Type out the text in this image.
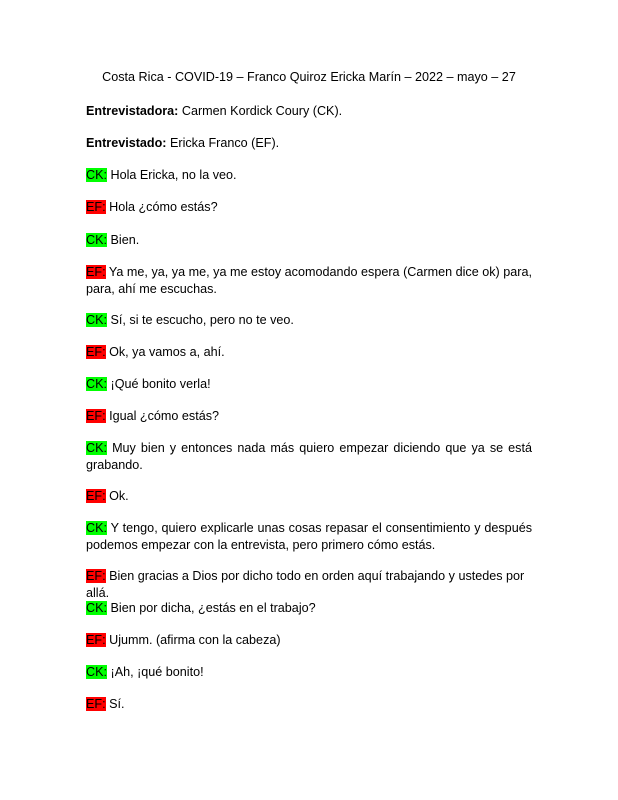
Costa Rica - COVID-19 – Franco Quiroz Ericka Marín – 2022 – mayo – 27
Entrevistadora: Carmen Kordick Coury (CK).
Entrevistado: Ericka Franco (EF).
CK: Hola Ericka, no la veo.
EF: Hola ¿cómo estás?
CK: Bien.
EF: Ya me, ya, ya me, ya me estoy acomodando espera (Carmen dice ok) para, para, ahí me escuchas.
CK: Sí, si te escucho, pero no te veo.
EF: Ok, ya vamos a, ahí.
CK: ¡Qué bonito verla!
EF: Igual ¿cómo estás?
CK: Muy bien y entonces nada más quiero empezar diciendo que ya se está grabando.
EF: Ok.
CK: Y tengo, quiero explicarle unas cosas repasar el consentimiento y después podemos empezar con la entrevista, pero primero cómo estás.
EF: Bien gracias a Dios por dicho todo en orden aquí trabajando y ustedes por allá.
CK: Bien por dicha, ¿estás en el trabajo?
EF: Ujumm. (afirma con la cabeza)
CK: ¡Ah, ¡qué bonito!
EF: Sí.
